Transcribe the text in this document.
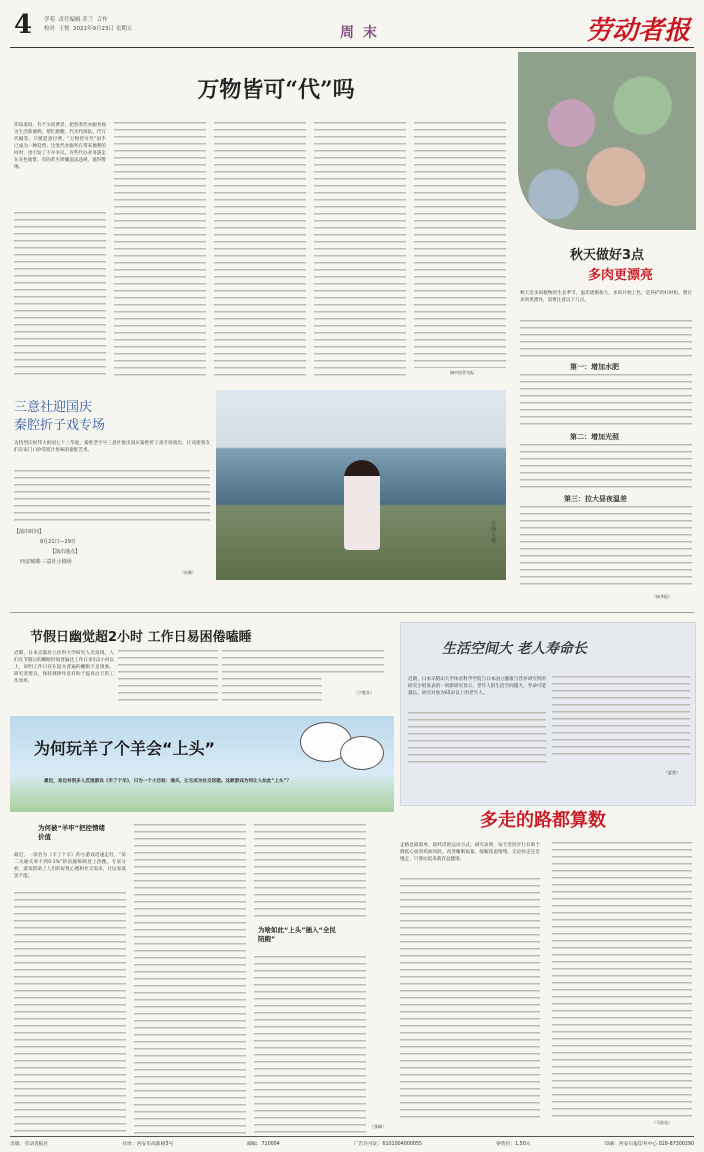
4 学苑 责任编辑 乔兰 合作
校对 王悦 2022年9月23日 星期五	周 末	劳动者报
万物皆可“代”吗
你知道吗，有不少消费者，把各类代办服务视为生活新便利。帮忙跑腿、代买代排队、代写代做等，只要愿意付费，“万物皆可代”似乎已成为一种趋势。这类代办服务在带来便利的同时，也引发了不少争议。有些代办业务游走在灰色地带，有的甚至涉嫌违法违规，值得警惕。
摘中国青年报
秋天做好3点
多肉更漂亮
秋天是多肉植物的生长季节，温差逐渐加大，多肉开始上色，是养护的好时机。想让多肉更漂亮，需要注意以下几点。
第一：增加水肥
第二：增加光照
第三：拉大昼夜温差
（杨华振）
三意社迎国庆
秦腔折子戏专场
为热烈庆祝伟大祖国七十三华诞，秦腔老字号三意社推出国庆秦腔折子戏专场演出，让戏迷朋友们在家门口欣赏原汁原味的秦腔艺术。
【演出时间】
9月21日—29日
【演出地点】
西安城墙·三意社小剧场
（孙静）
文·图 王悦
节假日幽觉超2小时 工作日易困倦嗑睡
近期，日本京都府立医科大学研究人员发现，人们在节假日的睡眠时间普遍比工作日多出2小时以上，说明工作日存在较为普遍的睡眠不足现象。研究者建议，保持规律作息有助于提高白天的工作效率。
（宁鹿宣）
生活空间大 老人寿命长
近期，日本早稻田大学体育科学学院与日本国立健康与营养研究所的研究小组发表的一项新研究显示，老年人的生活空间越大，寿命可能越长。研究对象为65岁以上的老年人。
（夏勃）
为何玩羊了个羊会“上头”
最近，身边有很多人沉迷游戏《羊了个羊》，只为一个小目标：通关，让它成为社交话题。这款游戏为何让人如此“上头”？
为何被“羊牢”把控情绪价值
最近，一款名为《羊了个羊》的小游戏迅速走红，“第二关通关率不到0.1%”的话题频频登上热搜。专家分析，游戏借助了人们的好胜心理和社交需求，让玩家欲罢不能。
为啥如此“上头”插入“全民陪跑”
（张峰）
多走的路都算数
走路是最简单、最经济的运动方式。研究表明，每天坚持步行有助于降低心血管疾病风险，改善睡眠质量，缓解焦虑情绪。无论快走还是慢走，只要动起来就有益健康。
（马滨良）
出版：劳动者报社	社址：西安市高新路3号	邮编：710004	广告许可证：6101004000055	零售价：1.50元	印刷：西安日报印务中心 029-87300290
